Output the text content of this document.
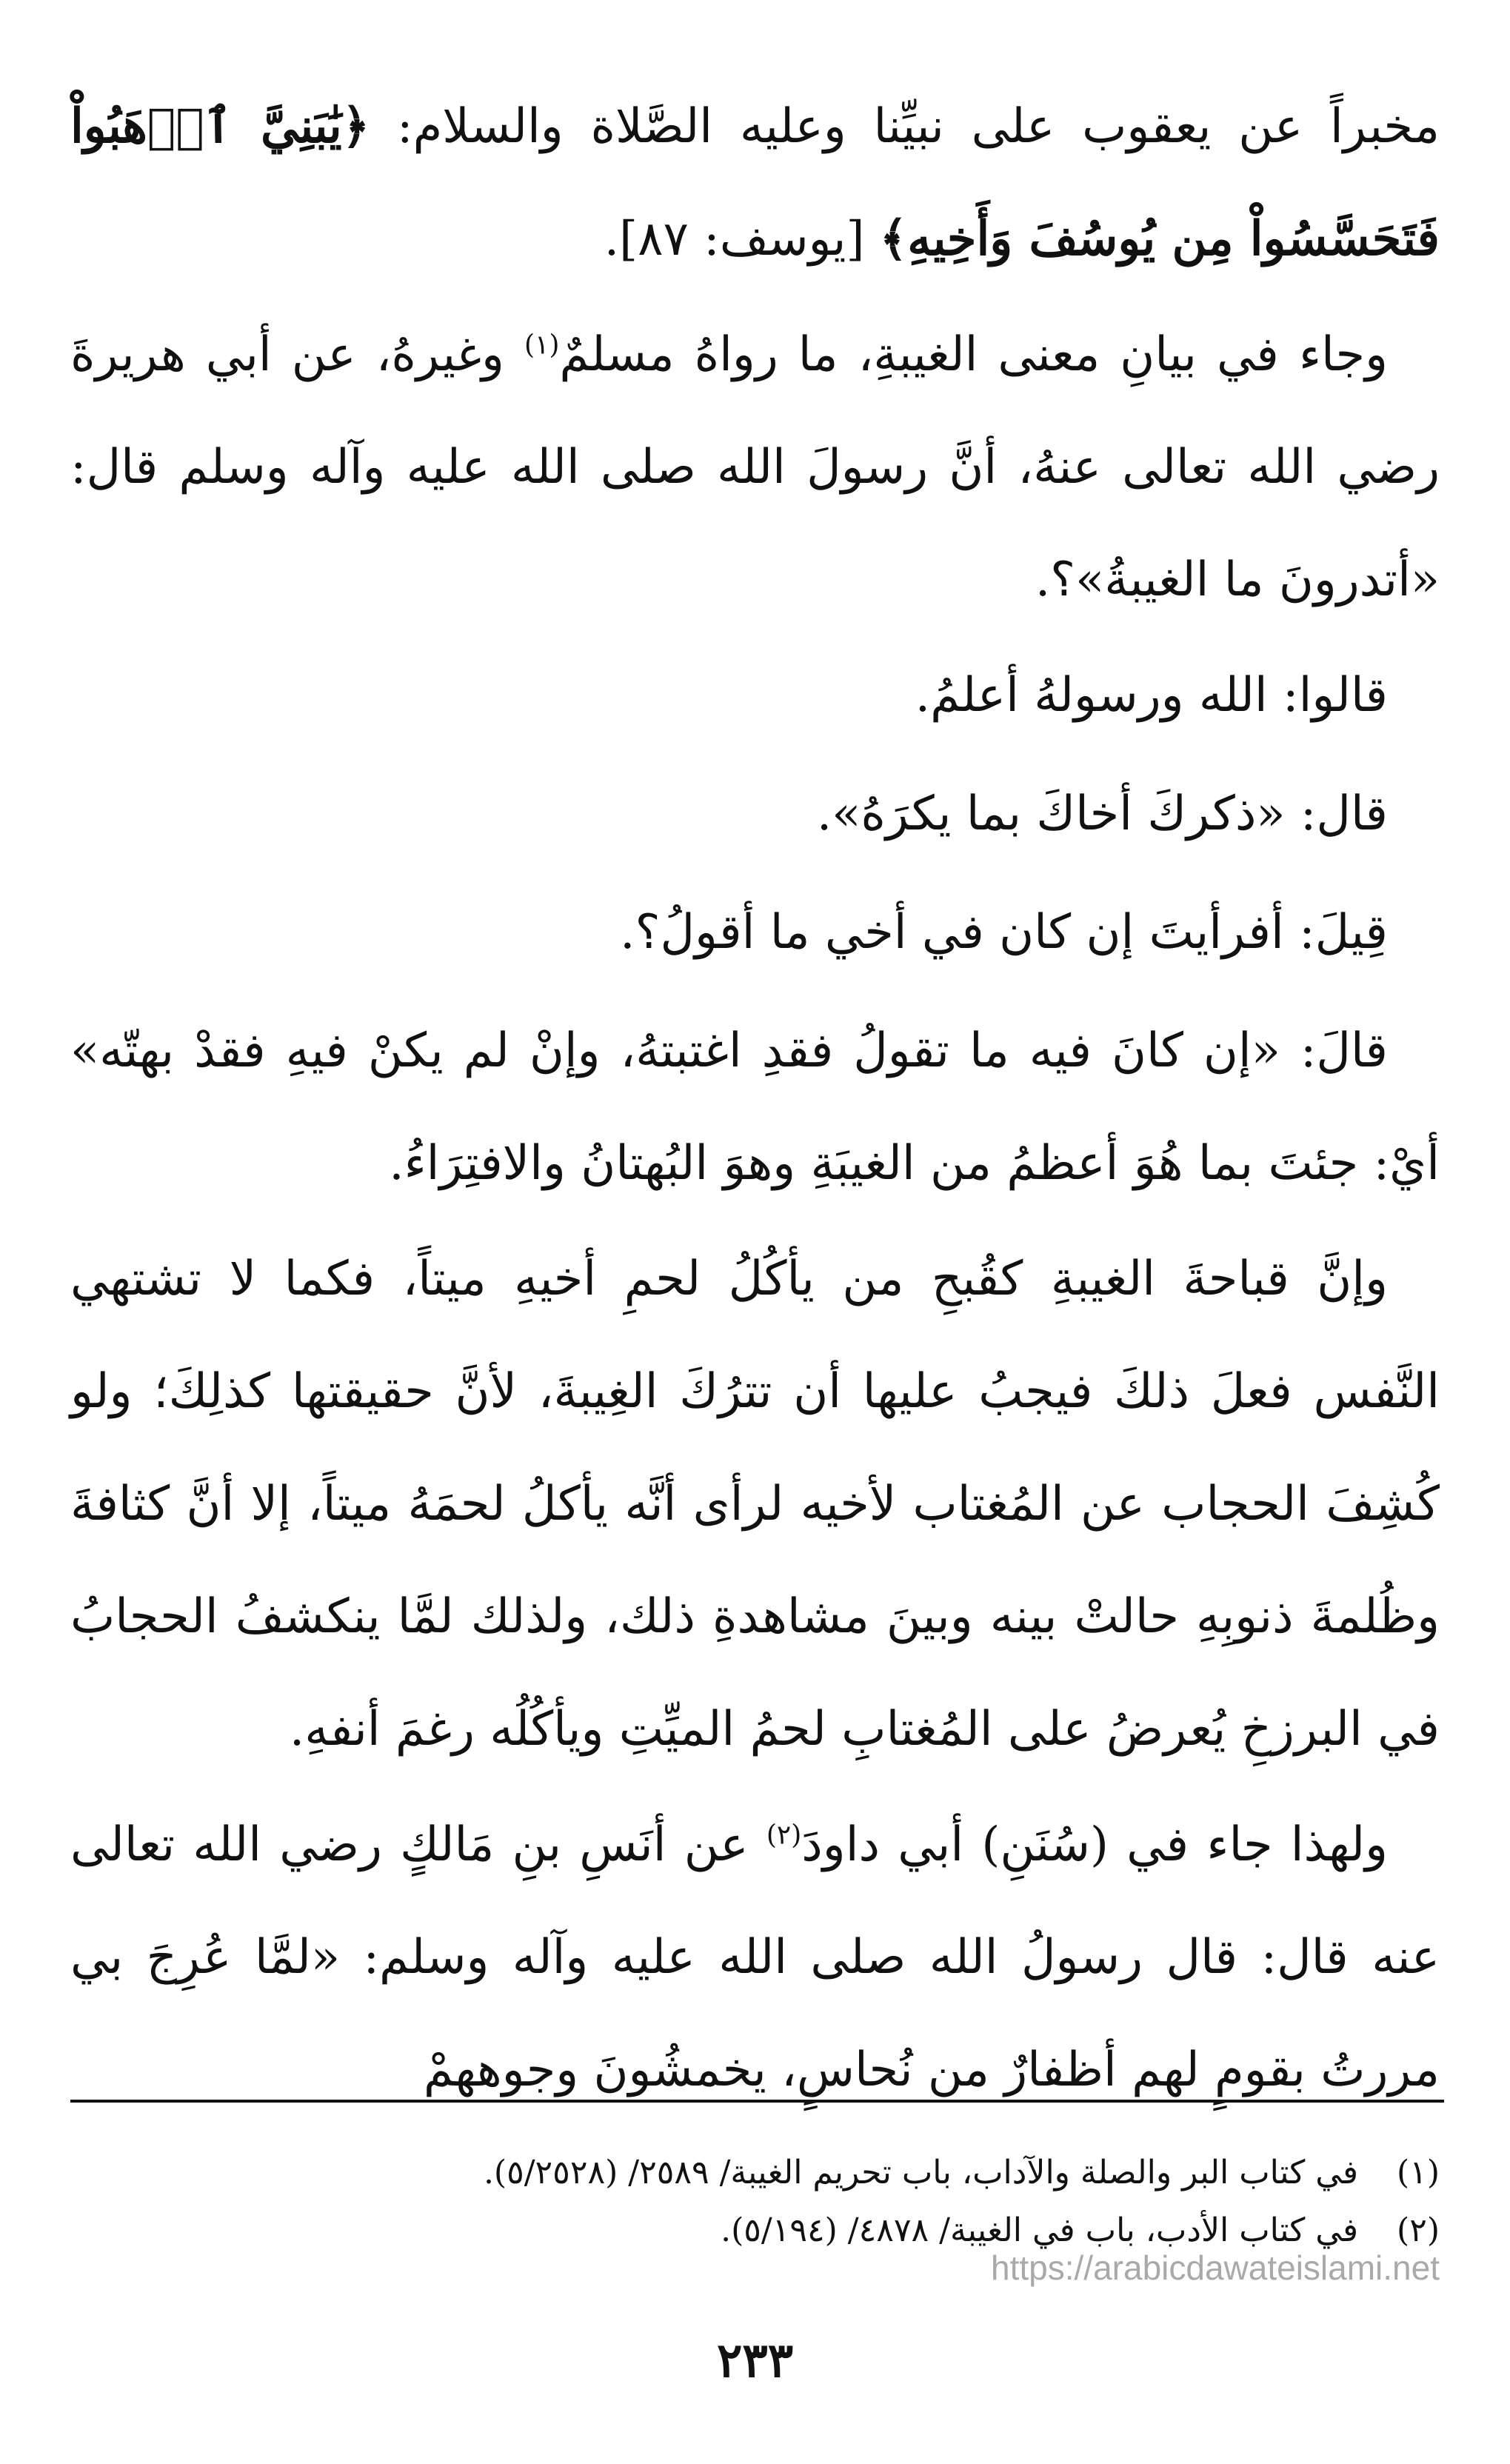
مخبراً عن يعقوب على نبيِّنا وعليه الصَّلاة والسلام: ﴿يَٰبَنِيَّ ٱذۡهَبُواْ فَتَحَسَّسُواْ مِن يُوسُفَ وَأَخِيهِ﴾ [يوسف: ٨٧].

وجاء في بيانِ معنى الغيبةِ، ما رواهُ مسلمٌ$^{(١)}$ وغيرهُ، عن أبي هريرةَ رضي الله تعالى عنهُ، أنَّ رسولَ الله صلى الله عليه وآله وسلم قال: «أتدرونَ ما الغيبةُ»؟.

قالوا: الله ورسولهُ أعلمُ.

قال: «ذكركَ أخاكَ بما يكرَهُ».

قِيلَ: أفرأيتَ إن كان في أخي ما أقولُ؟.

قالَ: «إن كانَ فيه ما تقولُ فقدِ اغتبتهُ، وإنْ لم يكنْ فيهِ فقدْ بهتّه» أيْ: جئتَ بما هُوَ أعظمُ من الغيبَةِ وهوَ البُهتانُ والافتِرَاءُ.

وإنَّ قباحةَ الغيبةِ كقُبحِ من يأكُلُ لحمِ أخيهِ ميتاً، فكما لا تشتهي النَّفس فعلَ ذلكَ فيجبُ عليها أن تترُكَ الغِيبةَ، لأنَّ حقيقتها كذلِكَ؛ ولو كُشِفَ الحجاب عن المُغتاب لأخيه لرأى أنَّه يأكلُ لحمَهُ ميتاً، إلا أنَّ كثافةَ وظُلمةَ ذنوبِهِ حالتْ بينه وبينَ مشاهدةِ ذلك، ولذلك لمَّا ينكشفُ الحجابُ في البرزخِ يُعرضُ على المُغتابِ لحمُ الميِّتِ ويأكُلُه رغمَ أنفهِ.

ولهذا جاء في (سُنَنِ) أبي داودَ$^{(٢)}$ عن أنَسِ بنِ مَالكٍ رضي الله تعالى عنه قال: قال رسولُ الله صلى الله عليه وآله وسلم: «لمَّا عُرِجَ بي مررتُ بقومٍ لهم أظفارٌ من نُحاسٍ، يخمشُونَ وجوههمْ

(١)في كتاب البر والصلة والآداب، باب تحريم الغيبة/ ٢٥٨٩/ (٥/٢٥٢٨).
(٢)في كتاب الأدب، باب في الغيبة/ ٤٨٧٨/ (٥/١٩٤).
https://arabicdawateislami.net
٢٣٣
